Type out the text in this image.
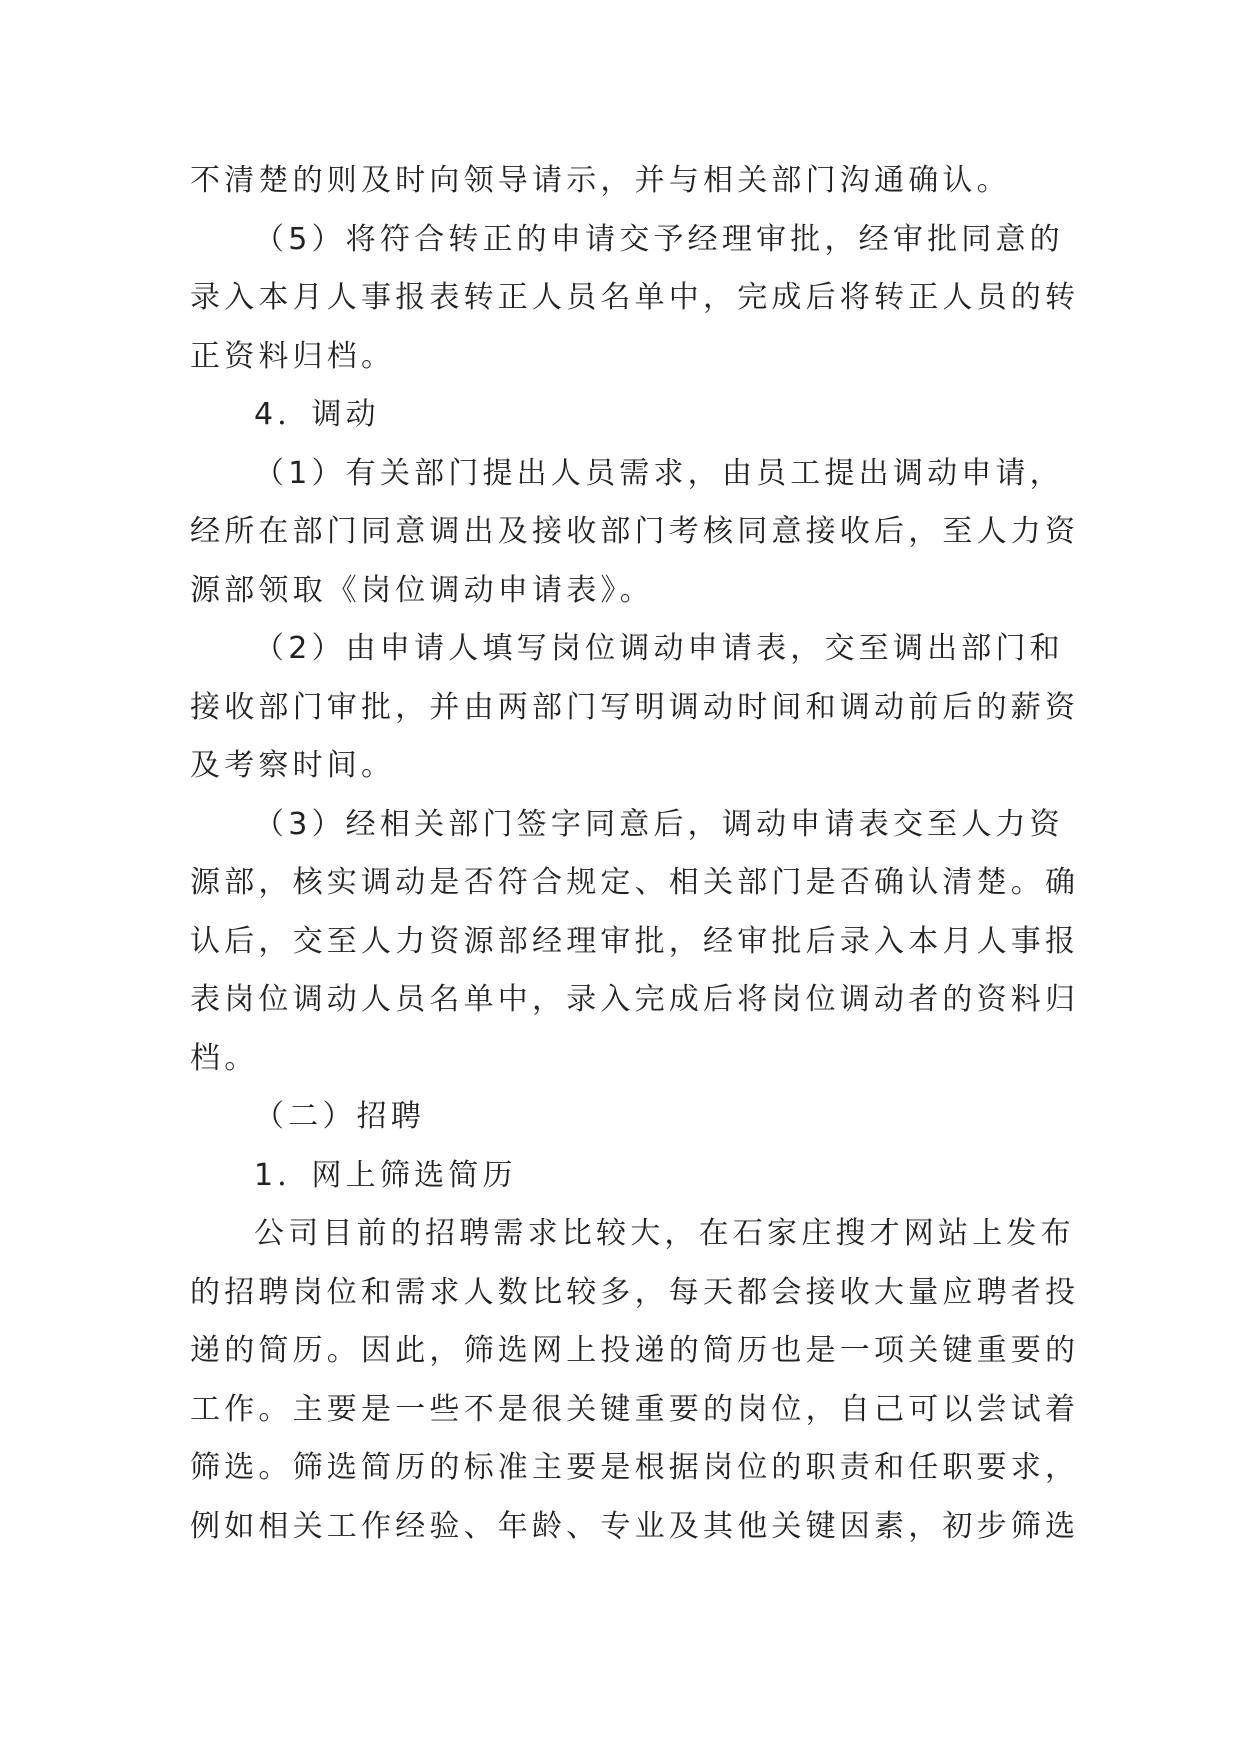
不清楚的则及时向领导请示，并与相关部门沟通确认。
（5）将符合转正的申请交予经理审批，经审批同意的
录入本月人事报表转正人员名单中，完成后将转正人员的转
正资料归档。
4．调动
（1）有关部门提出人员需求，由员工提出调动申请，
经所在部门同意调出及接收部门考核同意接收后，至人力资
源部领取《岗位调动申请表》。
（2）由申请人填写岗位调动申请表，交至调出部门和
接收部门审批，并由两部门写明调动时间和调动前后的薪资
及考察时间。
（3）经相关部门签字同意后，调动申请表交至人力资
源部，核实调动是否符合规定、相关部门是否确认清楚。确
认后，交至人力资源部经理审批，经审批后录入本月人事报
表岗位调动人员名单中，录入完成后将岗位调动者的资料归
档。
（二）招聘
1．网上筛选简历
公司目前的招聘需求比较大，在石家庄搜才网站上发布
的招聘岗位和需求人数比较多，每天都会接收大量应聘者投
递的简历。因此，筛选网上投递的简历也是一项关键重要的
工作。主要是一些不是很关键重要的岗位，自己可以尝试着
筛选。筛选简历的标准主要是根据岗位的职责和任职要求，
例如相关工作经验、年龄、专业及其他关键因素，初步筛选
